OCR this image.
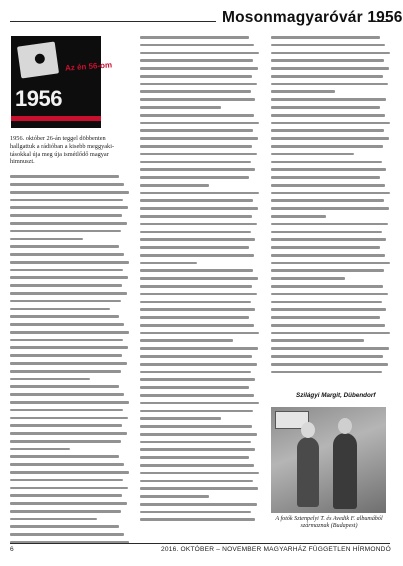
Mosonmagyaróvár 1956
Az én 56-om
1956

1956. október 26-án teggel döbbenten

hallgattuk a rádióban a kisebb meggyaki-

tásokkal úja meg úja ismétlődő magyar

himnuszt.

Szilágyi Margit, Dübendorf
A fotók Sztenpelyi T. és Avedik F. albumából származnak (Budapest)
6	2016. OKTÓBER – NOVEMBER MAGYARHÁZ FÜGGETLEN HÍRMONDÓ
